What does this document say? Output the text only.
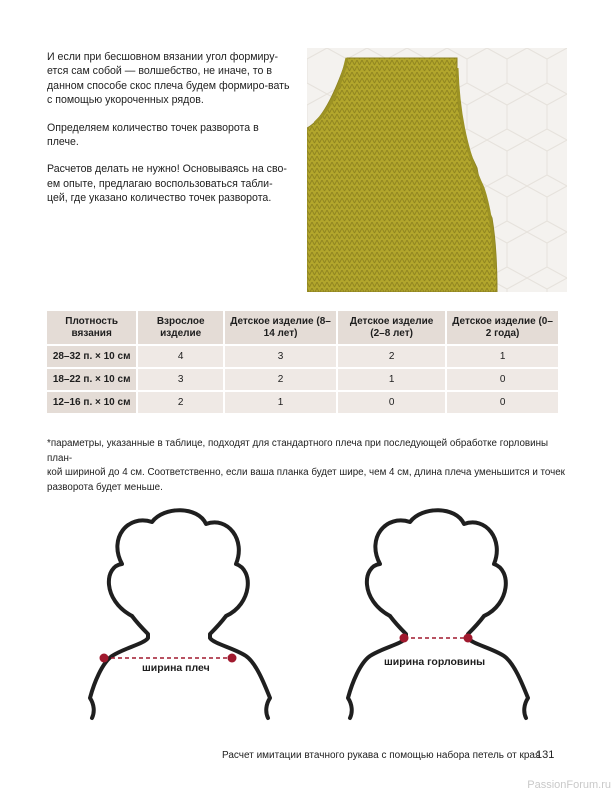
И если при бесшовном вязании угол формиру-ется сам собой — волшебство, не иначе, то в данном способе скос плеча будем формиро-вать с помощью укороченных рядов.

Определяем количество точек разворота в плече.

Расчетов делать не нужно! Основываясь на сво-ем опыте, предлагаю воспользоваться табли-цей, где указано количество точек разворота.

Плотность вязания	Взрослое изделие	Детское изделие (8–14 лет)	Детское изделие (2–8 лет)	Детское изделие (0–2 года)
28–32 п. × 10 см	4	3	2	1
18–22 п. × 10 см	3	2	1	0
12–16 п. × 10 см	2	1	0	0

*параметры, указанные в таблице, подходят для стандартного плеча при последующей обработке горловины план-

кой шириной до 4 см. Соответственно, если ваша планка будет шире, чем 4 см, длина плеча уменьшится и точек

разворота будет меньше.

ширина плеч	ширина горловины
Расчет имитации втачного рукава с помощью набора петель от края
131
PassionForum.ru
